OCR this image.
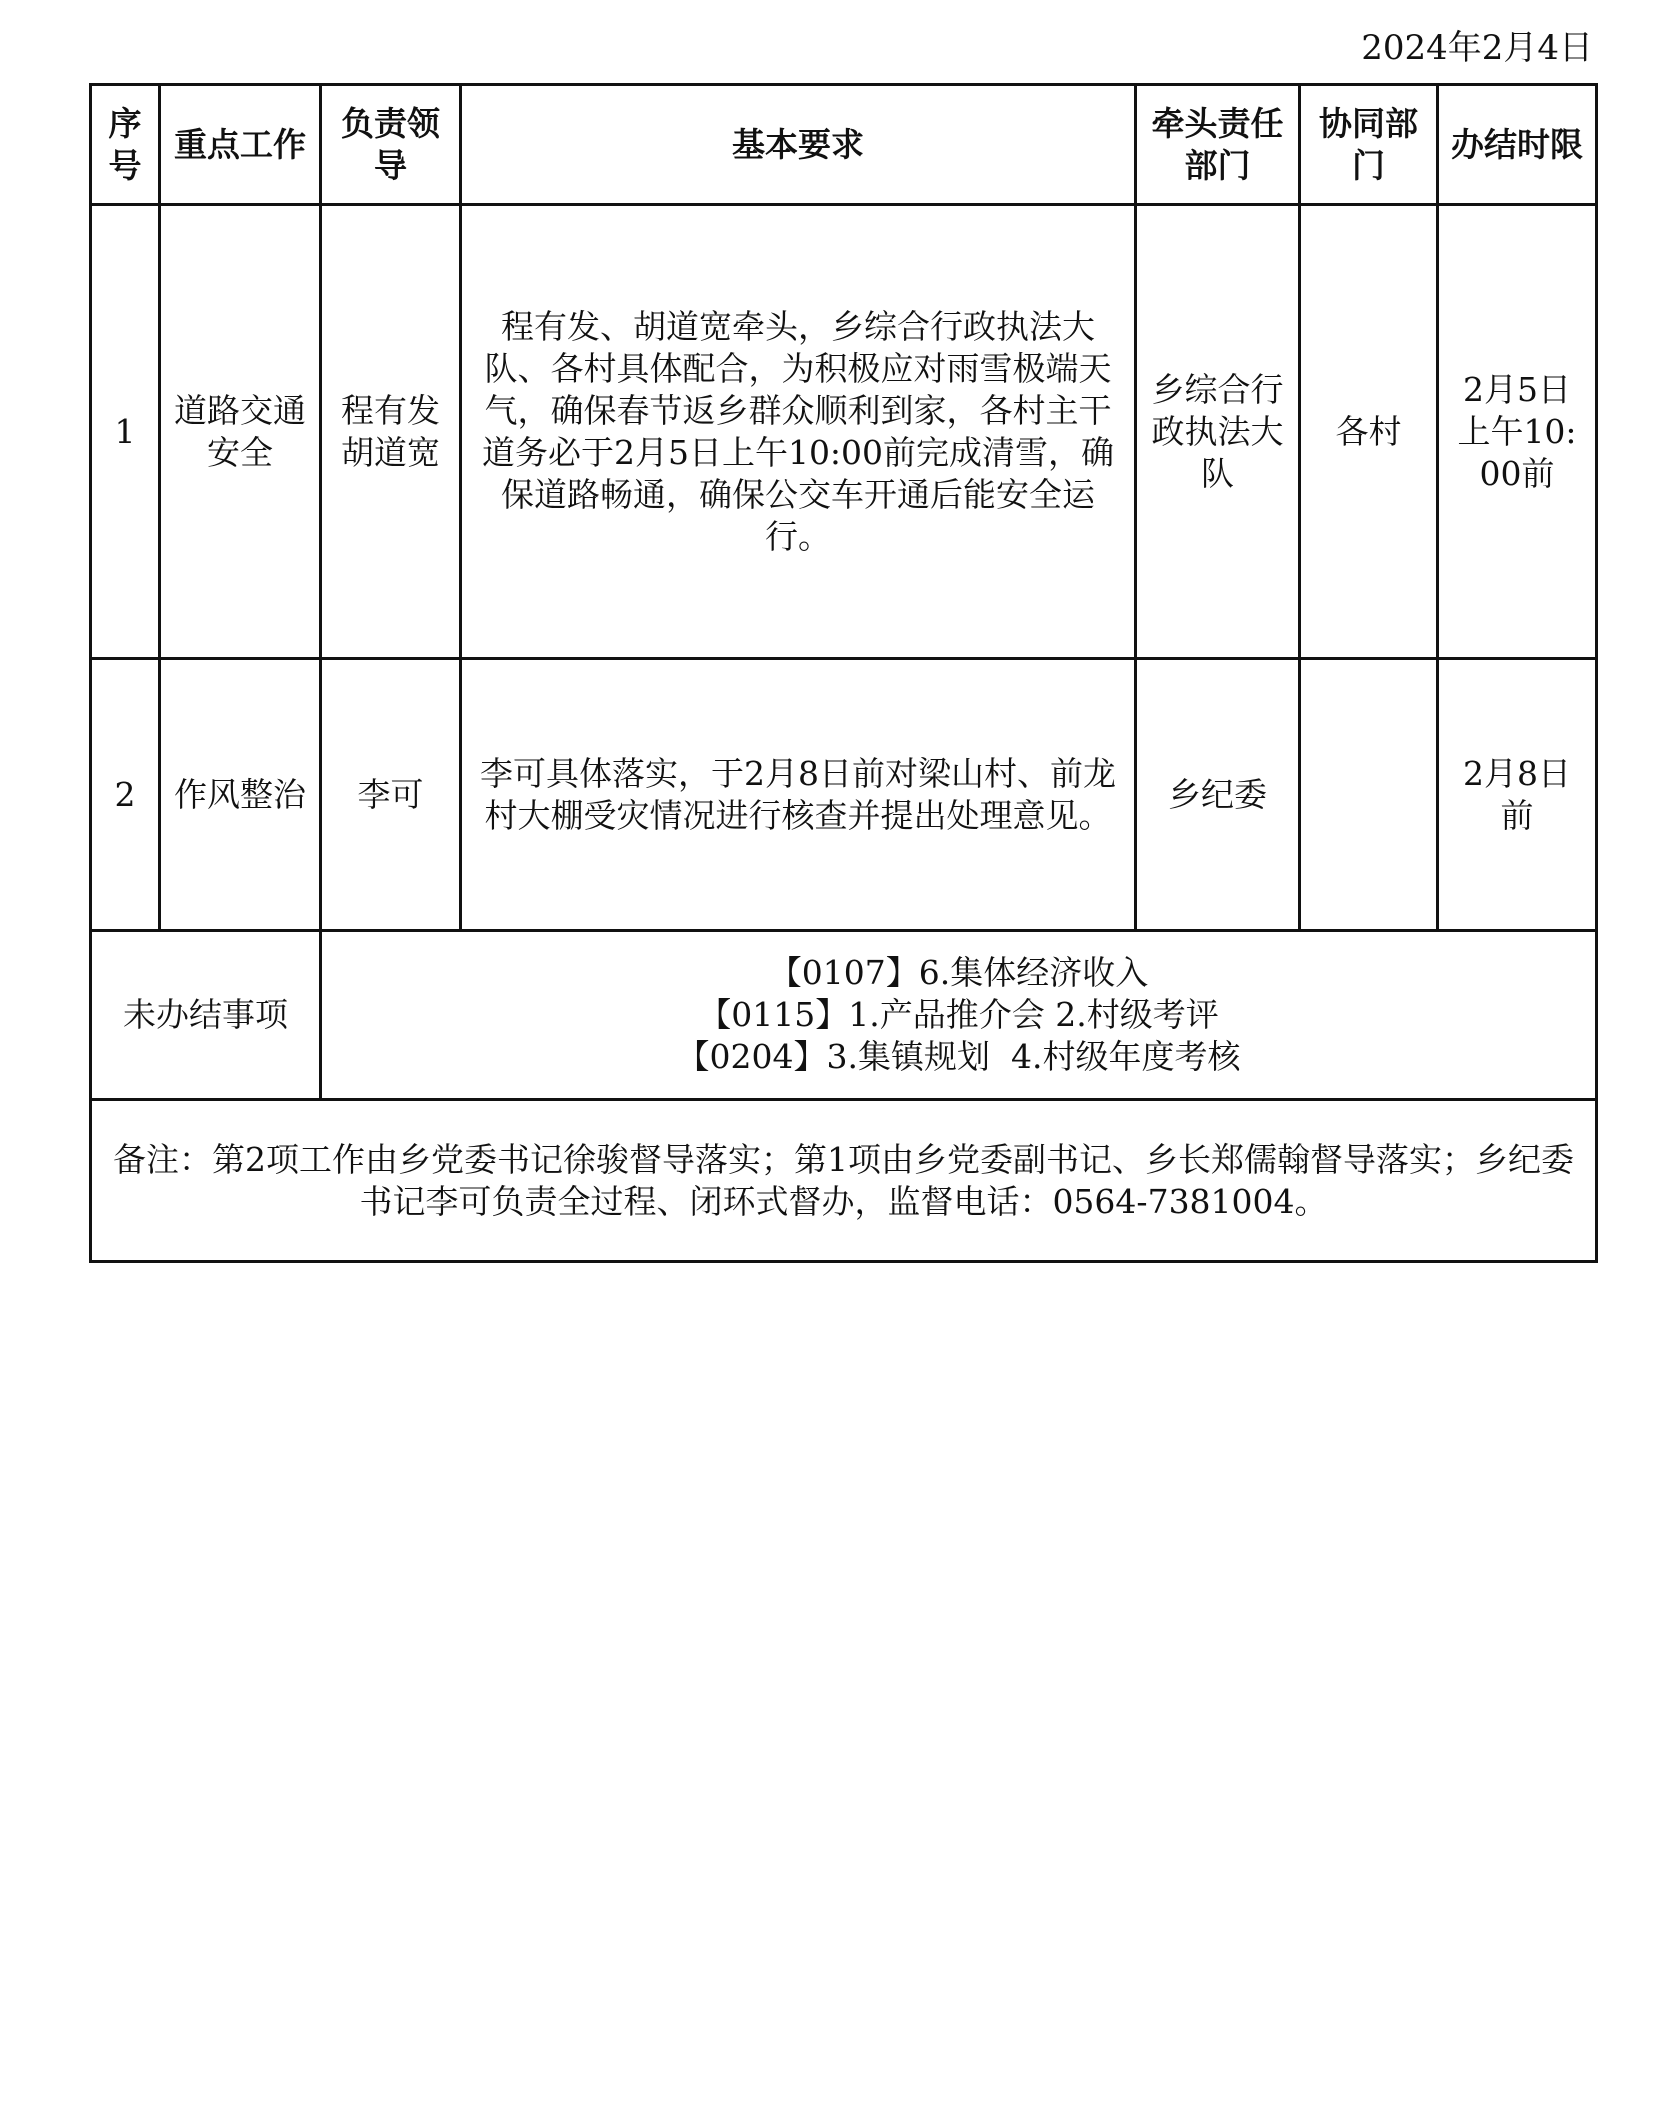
2024年2月4日
序号	重点工作	负责领导	基本要求	牵头责任部门	协同部门	办结时限
1	道路交通安全	程有发胡道宽	程有发、胡道宽牵头，乡综合行政执法大队、各村具体配合，为积极应对雨雪极端天气，确保春节返乡群众顺利到家，各村主干道务必于2月5日上午10:00前完成清雪，确保道路畅通，确保公交车开通后能安全运行。	乡综合行政执法大队	各村	2月5日上午10:00前
2	作风整治	李可	李可具体落实，于2月8日前对梁山村、前龙村大棚受灾情况进行核查并提出处理意见。	乡纪委		2月8日前
未办结事项		【0107】6.集体经济收入
【0115】1.产品推介会 2.村级考评
【0204】3.集镇规划  4.村级年度考核				

备注：第2项工作由乡党委书记徐骏督导落实；第1项由乡党委副书记、乡长郑儒翰督导落实；乡纪委书记李可负责全过程、闭环式督办，监督电话：0564-7381004。						
